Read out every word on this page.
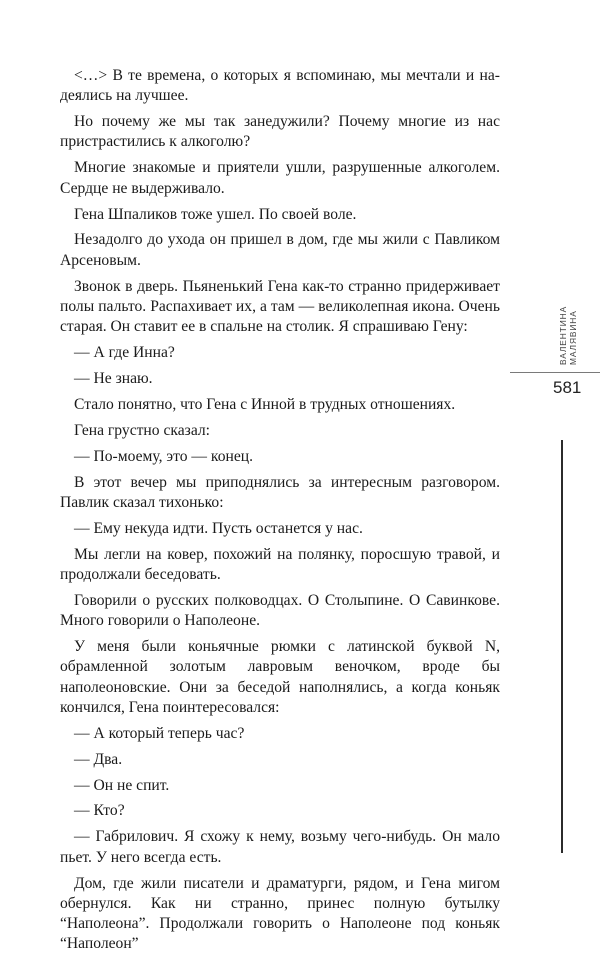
<…> В те времена, о которых я вспоминаю, мы мечтали и надеялись на лучшее.

Но почему же мы так занедужили? Почему многие из нас пристрастились к алкоголю?

Многие знакомые и приятели ушли, разрушенные алкоголем. Сердце не выдерживало.

Гена Шпаликов тоже ушел. По своей воле.

Незадолго до ухода он пришел в дом, где мы жили с Павликом Арсеновым.

Звонок в дверь. Пьяненький Гена как-то странно придерживает полы пальто. Распахивает их, а там — великолепная икона. Очень старая. Он ставит ее в спальне на столик. Я спрашиваю Гену:

— А где Инна?

— Не знаю.

Стало понятно, что Гена с Инной в трудных отношениях.

Гена грустно сказал:

— По-моему, это — конец.

В этот вечер мы приподнялись за интересным разговором. Павлик сказал тихонько:

— Ему некуда идти. Пусть останется у нас.

Мы легли на ковер, похожий на полянку, поросшую травой, и продолжали беседовать.

Говорили о русских полководцах. О Столыпине. О Савинкове. Много говорили о Наполеоне.

У меня были коньячные рюмки с латинской буквой N, обрамленной золотым лавровым веночком, вроде бы наполеоновские. Они за беседой наполнялись, а когда коньяк кончился, Гена поинтересовался:

— А который теперь час?

— Два.

— Он не спит.

— Кто?

— Габрилович. Я схожу к нему, возьму чего-нибудь. Он мало пьет. У него всегда есть.

Дом, где жили писатели и драматурги, рядом, и Гена мигом обернулся. Как ни странно, принес полную бутылку “Наполеона”. Продолжали говорить о Наполеоне под коньяк “Наполеон”

ВАЛЕНТИНА МАЛЯВИНА
581
